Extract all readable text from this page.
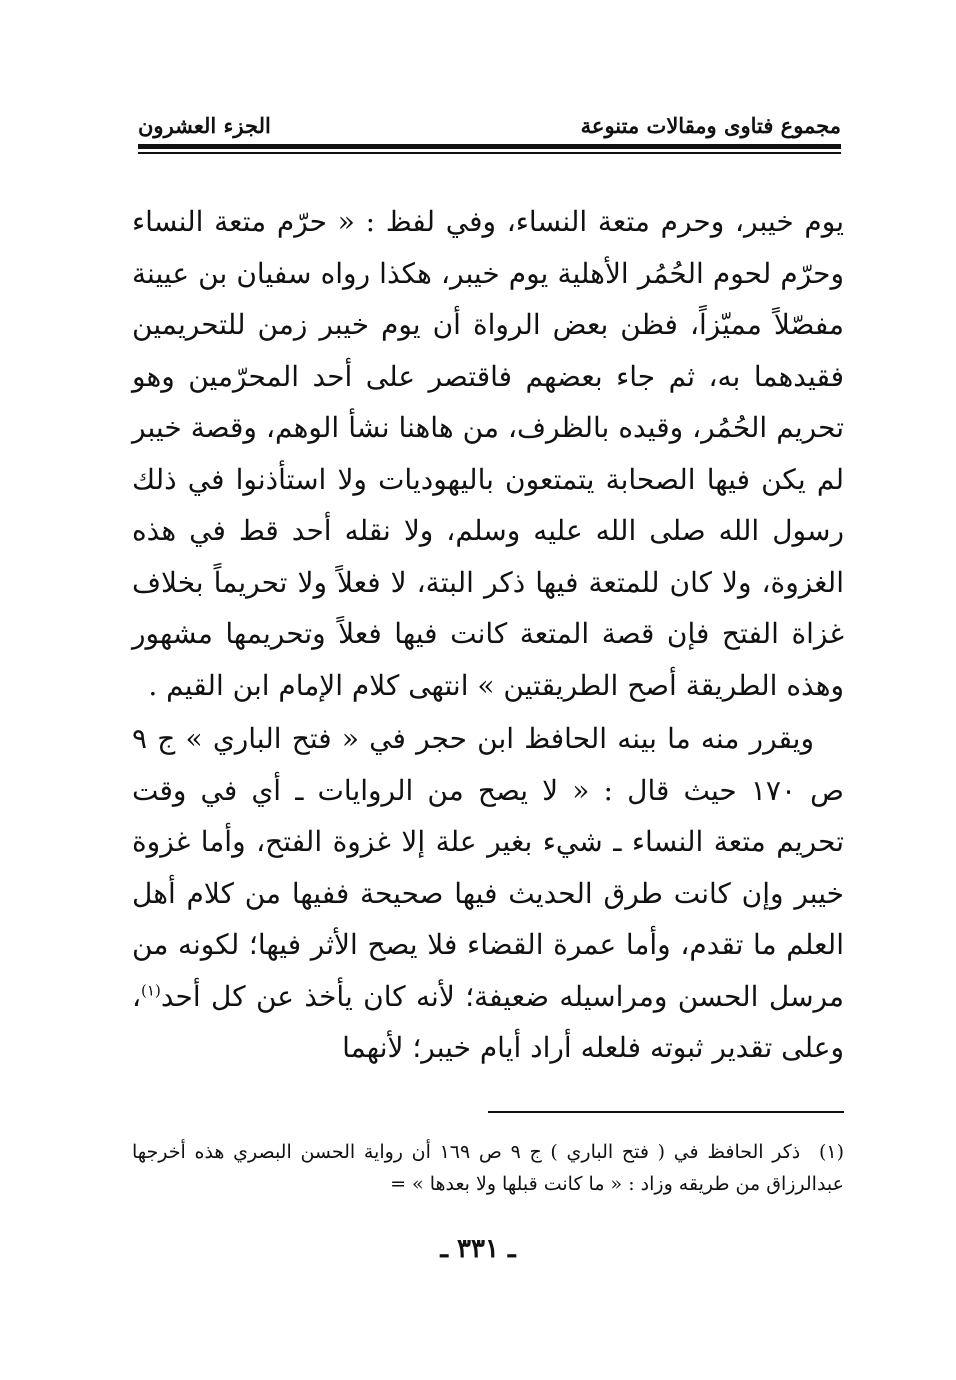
مجموع فتاوى ومقالات متنوعة
الجزء العشرون

يوم خيبر، وحرم متعة النساء، وفي لفظ : « حرّم متعة النساء وحرّم لحوم الحُمُر الأهلية يوم خيبر، هكذا رواه سفيان بن عيينة مفصّلاً مميّزاً، فظن بعض الرواة أن يوم خيبر زمن للتحريمين فقيدهما به، ثم جاء بعضهم فاقتصر على أحد المحرّمين وهو تحريم الحُمُر، وقيده بالظرف، من هاهنا نشأ الوهم، وقصة خيبر لم يكن فيها الصحابة يتمتعون باليهوديات ولا استأذنوا في ذلك رسول الله صلى الله عليه وسلم، ولا نقله أحد قط في هذه الغزوة، ولا كان للمتعة فيها ذكر البتة، لا فعلاً ولا تحريماً بخلاف غزاة الفتح فإن قصة المتعة كانت فيها فعلاً وتحريمها مشهور وهذه الطريقة أصح الطريقتين » انتهى كلام الإمام ابن القيم .

ويقرر منه ما بينه الحافظ ابن حجر في « فتح الباري » ج ٩ ص ١٧٠ حيث قال : « لا يصح من الروايات ـ أي في وقت تحريم متعة النساء ـ شيء بغير علة إلا غزوة الفتح، وأما غزوة خيبر وإن كانت طرق الحديث فيها صحيحة ففيها من كلام أهل العلم ما تقدم، وأما عمرة القضاء فلا يصح الأثر فيها؛ لكونه من مرسل الحسن ومراسيله ضعيفة؛ لأنه كان يأخذ عن كل أحد$^{(١)}$، وعلى تقدير ثبوته فلعله أراد أيام خيبر؛ لأنهما

(١) ذكر الحافظ في ( فتح الباري ) ج ٩ ص ١٦٩ أن رواية الحسن البصري هذه أخرجها عبدالرزاق من طريقه وزاد : « ما كانت قبلها ولا بعدها » =
ـ ٣٣١ ـ
